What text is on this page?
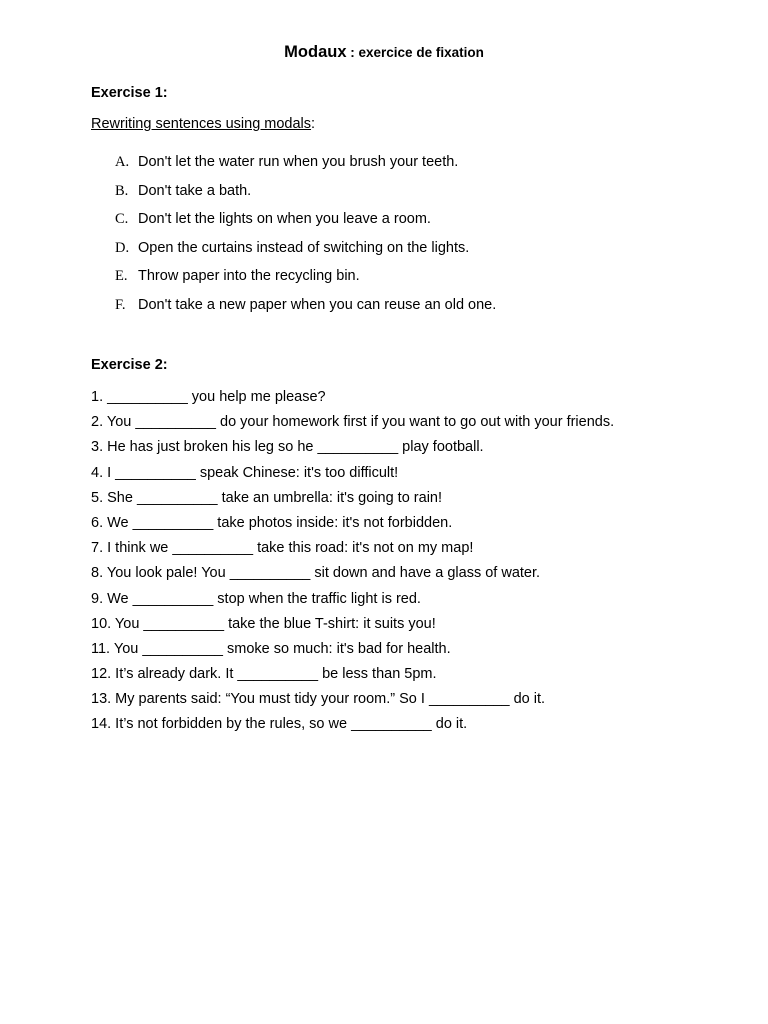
Modaux : exercice de fixation
Exercise 1:
Rewriting sentences using modals:
A. Don't let the water run when you brush your teeth.
B. Don't take a bath.
C. Don't let the lights on when you leave a room.
D. Open the curtains instead of switching on the lights.
E. Throw paper into the recycling bin.
F. Don't take a new paper when you can reuse an old one.
Exercise 2:
1. __________ you help me please?
2. You __________ do your homework first if you want to go out with your friends.
3. He has just broken his leg so he __________ play football.
4. I __________ speak Chinese: it's too difficult!
5. She __________ take an umbrella: it's going to rain!
6. We __________ take photos inside: it's not forbidden.
7. I think we __________ take this road: it's not on my map!
8. You look pale! You __________ sit down and have a glass of water.
9. We __________ stop when the traffic light is red.
10. You __________ take the blue T-shirt: it suits you!
11. You __________ smoke so much: it's bad for health.
12. It’s already dark. It __________ be less than 5pm.
13. My parents said: “You must tidy your room.” So I __________ do it.
14. It’s not forbidden by the rules, so we __________ do it.
